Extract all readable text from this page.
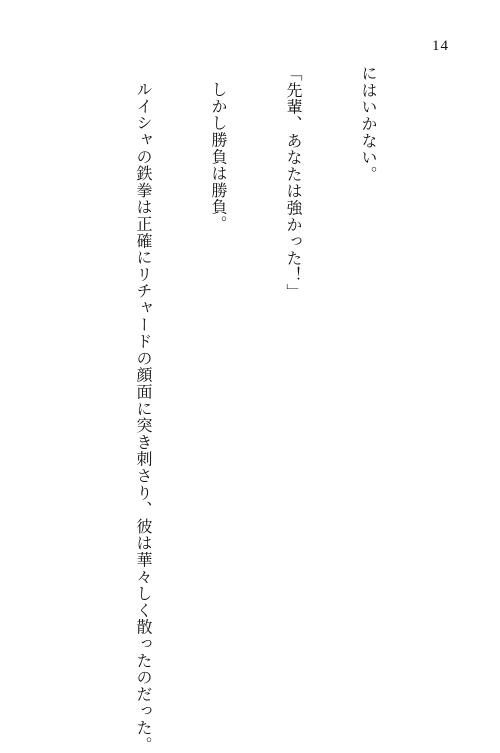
14

にはいかない。

「先輩、あなたは強かった！」

しかし勝負は勝負。

ルイシャの鉄拳は正確にリチャードの顔面に突き刺さり、彼は華々しく散ったのだった。
